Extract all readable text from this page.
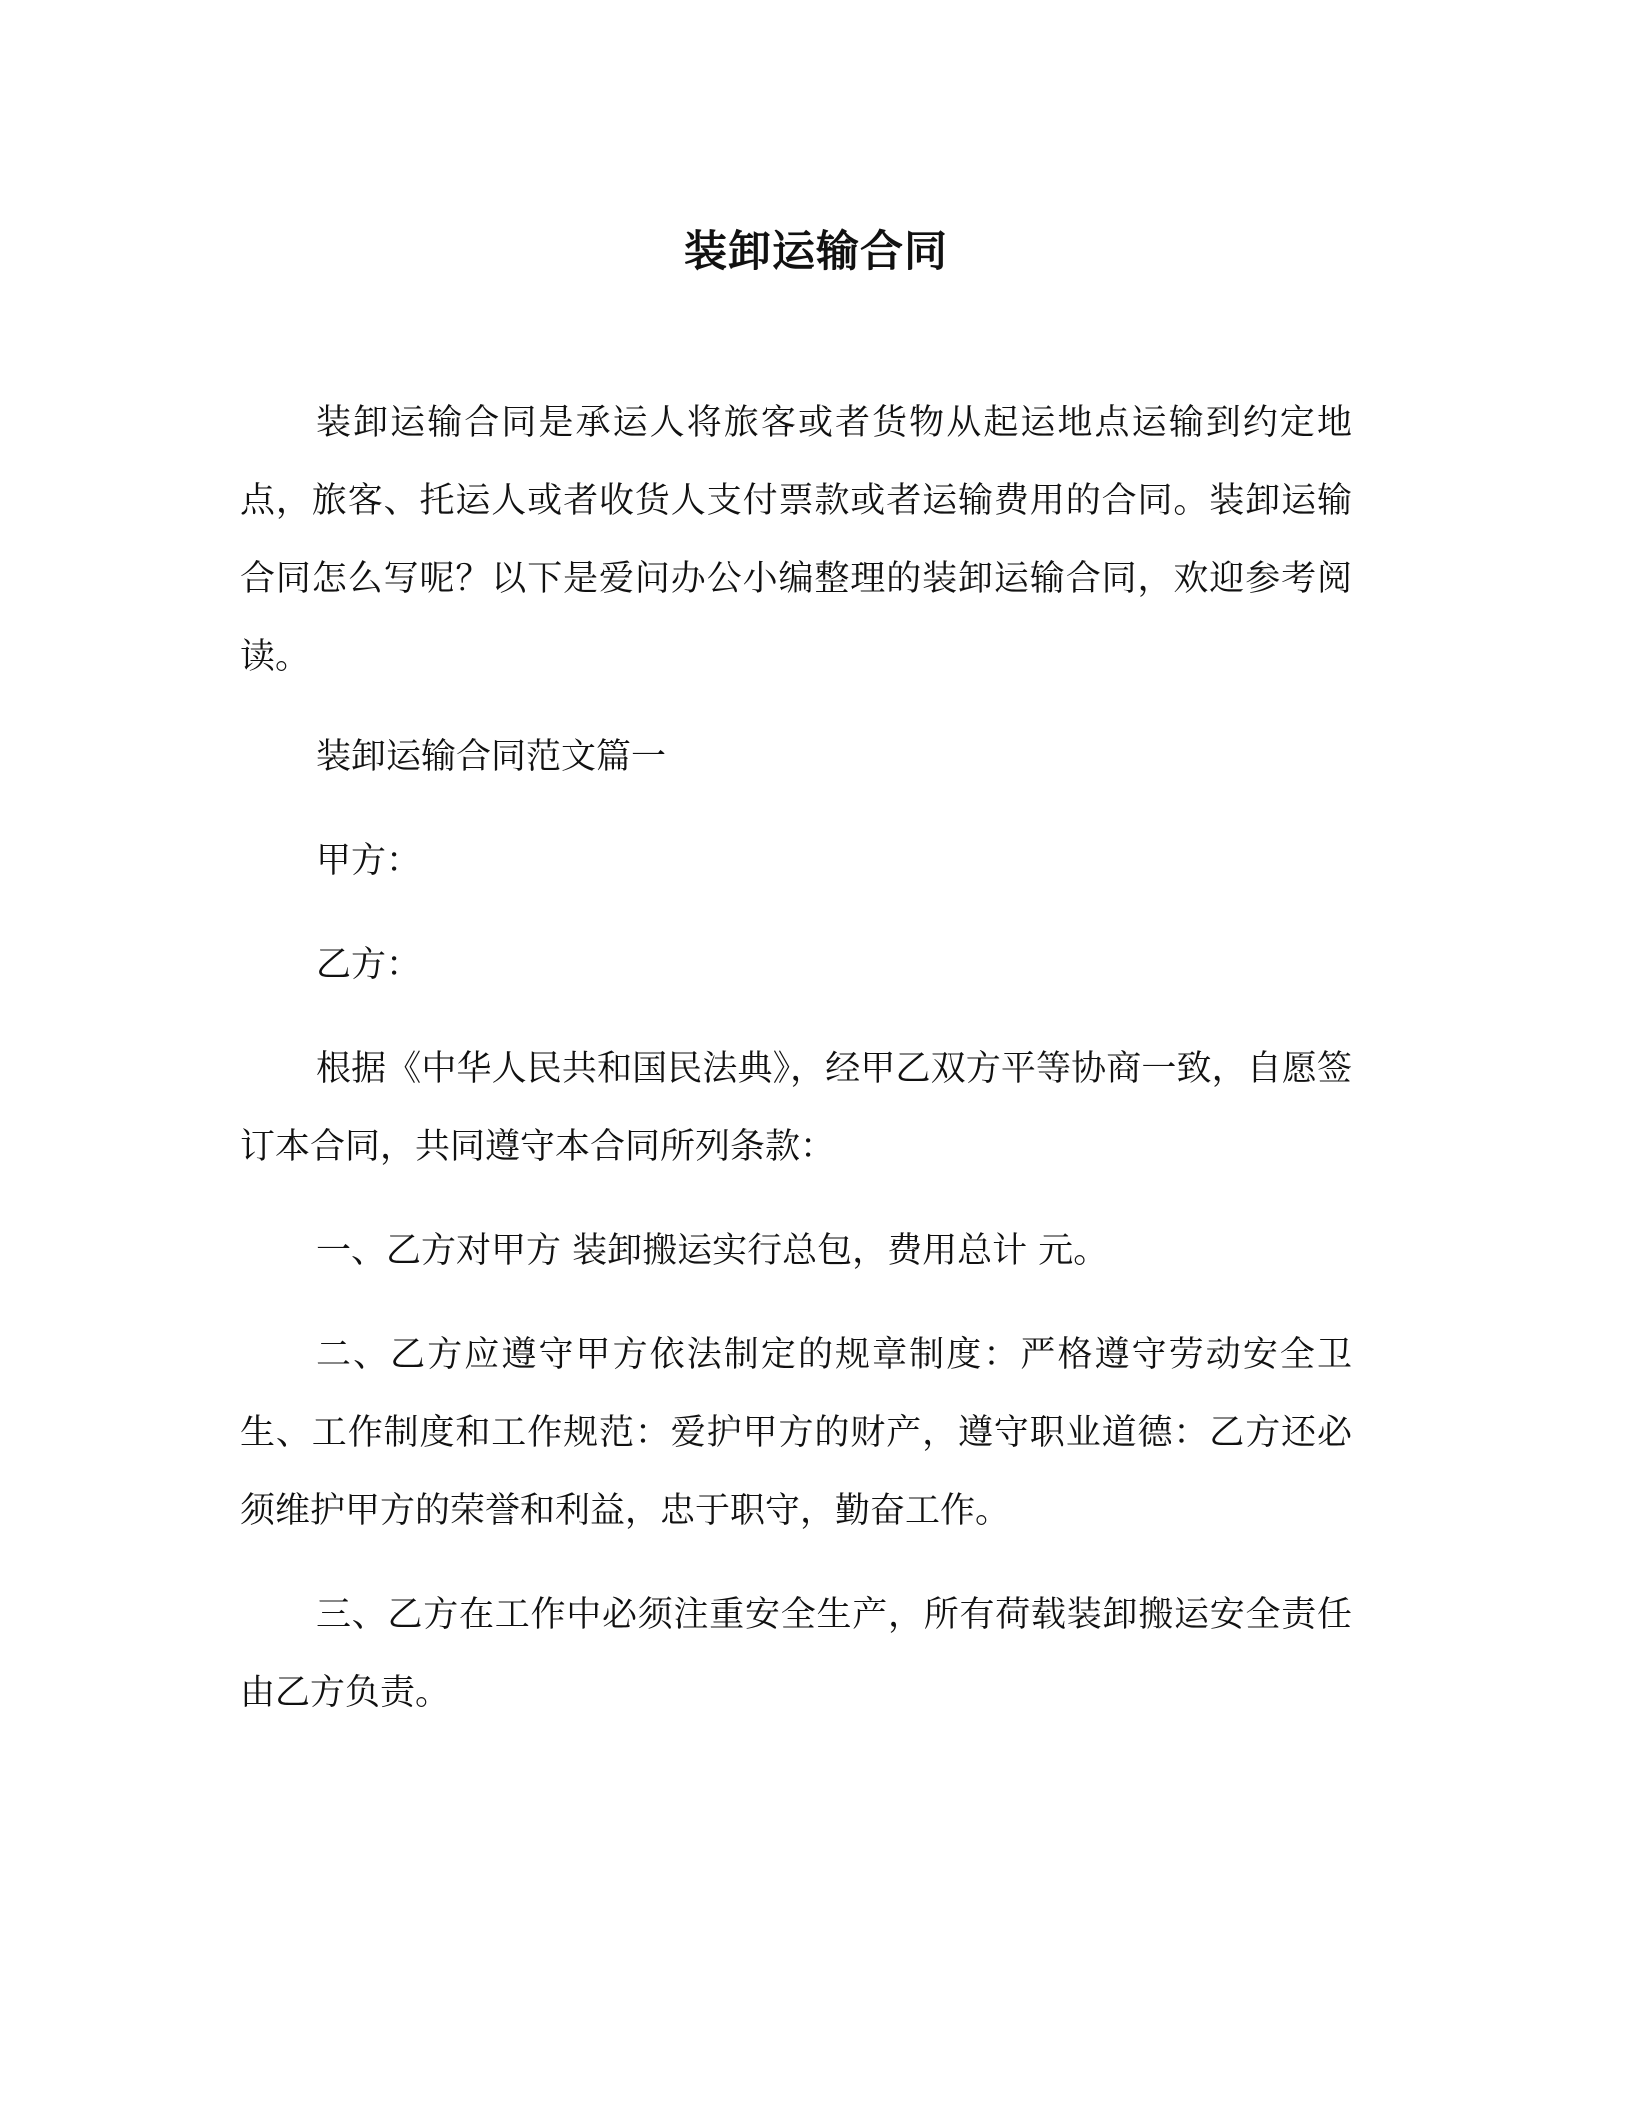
装卸运输合同

装卸运输合同是承运人将旅客或者货物从起运地点运输到约定地点，旅客、托运人或者收货人支付票款或者运输费用的合同。装卸运输合同怎么写呢？以下是爱问办公小编整理的装卸运输合同，欢迎参考阅读。

装卸运输合同范文篇一

甲方：

乙方：

根据《中华人民共和国民法典》，经甲乙双方平等协商一致，自愿签订本合同，共同遵守本合同所列条款：

一、乙方对甲方 装卸搬运实行总包，费用总计 元。

二、乙方应遵守甲方依法制定的规章制度：严格遵守劳动安全卫生、工作制度和工作规范：爱护甲方的财产，遵守职业道德：乙方还必须维护甲方的荣誉和利益，忠于职守，勤奋工作。

三、乙方在工作中必须注重安全生产，所有荷载装卸搬运安全责任由乙方负责。
